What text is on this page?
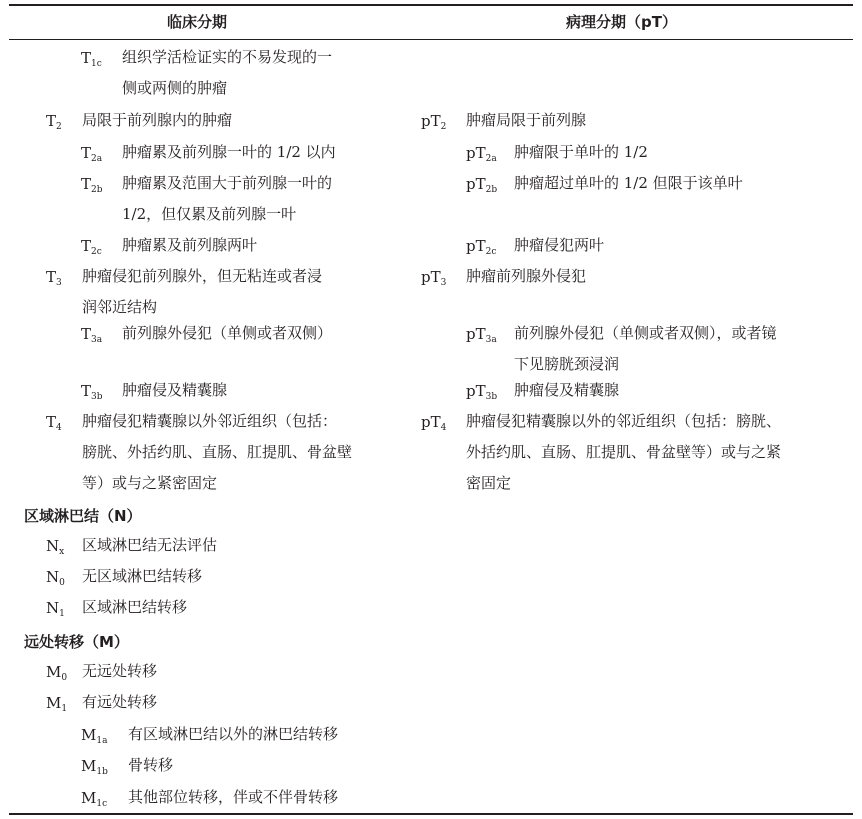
临床分期	病理分期（pT）
$T_{1c}$ 组织学活检证实的不易发现的一
侧或两侧的肿瘤
$T_2$ 局限于前列腺内的肿瘤
$T_{2a}$ 肿瘤累及前列腺一叶的 1/2 以内
$T_{2b}$ 肿瘤累及范围大于前列腺一叶的
1/2，但仅累及前列腺一叶
$T_{2c}$ 肿瘤累及前列腺两叶
$T_3$ 肿瘤侵犯前列腺外，但无粘连或者浸
润邻近结构
$T_{3a}$ 前列腺外侵犯（单侧或者双侧）
$T_{3b}$ 肿瘤侵及精囊腺
$T_4$ 肿瘤侵犯精囊腺以外邻近组织（包括：
膀胱、外括约肌、直肠、肛提肌、骨盆壁
等）或与之紧密固定
$pT_2$ 肿瘤局限于前列腺
$pT_{2a}$ 肿瘤限于单叶的 1/2
$pT_{2b}$ 肿瘤超过单叶的 1/2 但限于该单叶
$pT_{2c}$ 肿瘤侵犯两叶
$pT_3$ 肿瘤前列腺外侵犯
$pT_{3a}$ 前列腺外侵犯（单侧或者双侧），或者镜
下见膀胱颈浸润
$pT_{3b}$ 肿瘤侵及精囊腺
$pT_4$ 肿瘤侵犯精囊腺以外的邻近组织（包括：膀胱、
外括约肌、直肠、肛提肌、骨盆壁等）或与之紧
密固定
$N_x$ 区域淋巴结无法评估
$N_0$ 无区域淋巴结转移
$N_1$ 区域淋巴结转移
$M_0$ 无远处转移
$M_1$ 有远处转移
$M_{1a}$ 有区域淋巴结以外的淋巴结转移
$M_{1b}$ 骨转移
$M_{1c}$ 其他部位转移，伴或不伴骨转移
区域淋巴结（N）
远处转移（M）
